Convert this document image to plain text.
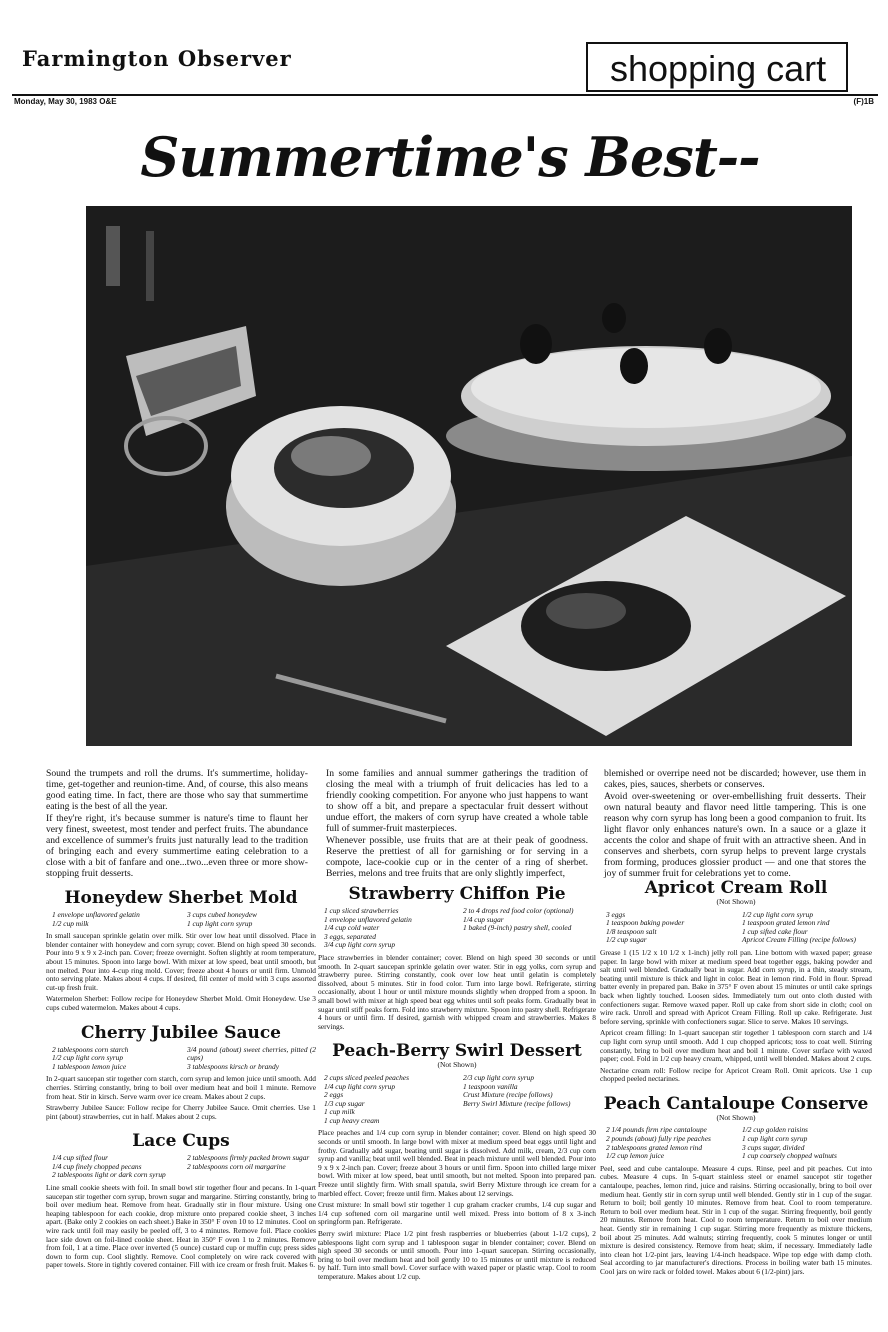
Farmington Observer	shopping cart
Monday, May 30, 1983 O&E	(F)1B
Summertime's Best--

Sound the trumpets and roll the drums. It's summertime, holiday-time, get-together and reunion-time. And, of course, this also means good eating time. In fact, there are those who say that summertime eating is the best of all the year.

If they're right, it's because summer is nature's time to flaunt her very finest, sweetest, most tender and perfect fruits. The abundance and excellence of summer's fruits just naturally lead to the tradition of bringing each and every summertime eating celebration to a close with a bit of fanfare and one...two...even three or more show-stopping fruit desserts.

In some families and annual summer gatherings the tradition of closing the meal with a triumph of fruit delicacies has led to a friendly cooking competition. For anyone who just happens to want to show off a bit, and prepare a spectacular fruit dessert without undue effort, the makers of corn syrup have created a whole table full of summer-fruit masterpieces.

Whenever possible, use fruits that are at their peak of goodness. Reserve the prettiest of all for garnishing or for serving in a compote, lace-cookie cup or in the center of a ring of sherbet. Berries, melons and tree fruits that are only slightly imperfect,

blemished or overripe need not be discarded; however, use them in cakes, pies, sauces, sherbets or conserves.

Avoid over-sweetening or over-embellishing fruit desserts. Their own natural beauty and flavor need little tampering. This is one reason why corn syrup has long been a good companion to fruit. Its light flavor only enhances nature's own. In a sauce or a glaze it accents the color and shape of fruit with an attractive sheen. And in conserves and sherbets, corn syrup helps to prevent large crystals from forming, produces glossier product — and one that stores the joy of summer fruit for celebrations yet to come.

Honeydew Sherbet Mold
1 envelope unflavored gelatin
1/2 cup milk
3 cups cubed honeydew
1 cup light corn syrup

In small saucepan sprinkle gelatin over milk. Stir over low heat until dissolved. Place in blender container with honeydew and corn syrup; cover. Blend on high speed 30 seconds. Pour into 9 x 9 x 2-inch pan. Cover; freeze overnight. Soften slightly at room temperature, about 15 minutes. Spoon into large bowl. With mixer at low speed, beat until smooth, but not melted. Pour into 4-cup ring mold. Cover; freeze about 4 hours or until firm. Unmold onto serving plate. Makes about 4 cups. If desired, fill center of mold with 3 cups assorted cut-up fresh fruit.

Watermelon Sherbet: Follow recipe for Honeydew Sherbet Mold. Omit Honeydew. Use 3 cups cubed watermelon. Makes about 4 cups.

Cherry Jubilee Sauce
2 tablespoons corn starch
1/2 cup light corn syrup
1 tablespoon lemon juice
3/4 pound (about) sweet cherries, pitted (2 cups)
3 tablespoons kirsch or brandy

In 2-quart saucepan stir together corn starch, corn syrup and lemon juice until smooth. Add cherries. Stirring constantly, bring to boil over medium heat and boil 1 minute. Remove from heat. Stir in kirsch. Serve warm over ice cream. Makes about 2 cups.

Strawberry Jubilee Sauce: Follow recipe for Cherry Jubilee Sauce. Omit cherries. Use 1 pint (about) strawberries, cut in half. Makes about 2 cups.

Lace Cups
1/4 cup sifted flour
1/4 cup finely chopped pecans
2 tablespoons light or dark corn syrup
2 tablespoons firmly packed brown sugar
2 tablespoons corn oil margarine

Line small cookie sheets with foil. In small bowl stir together flour and pecans. In 1-quart saucepan stir together corn syrup, brown sugar and margarine. Stirring constantly, bring to boil over medium heat. Remove from heat. Gradually stir in flour mixture. Using one heaping tablespoon for each cookie, drop mixture onto prepared cookie sheet, 3 inches apart. (Bake only 2 cookies on each sheet.) Bake in 350° F oven 10 to 12 minutes. Cool on wire rack until foil may easily be peeled off, 3 to 4 minutes. Remove foil. Place cookies lace side down on foil-lined cookie sheet. Heat in 350° F oven 1 to 2 minutes. Remove from foil, 1 at a time. Place over inverted (5 ounce) custard cup or muffin cup; press sides down to form cup. Cool slightly. Remove. Cool completely on wire rack covered with paper towels. Store in tightly covered container. Fill with ice cream or fresh fruit. Makes 6.

Strawberry Chiffon Pie
1 cup sliced strawberries
1 envelope unflavored gelatin
1/4 cup cold water
3 eggs, separated
3/4 cup light corn syrup
2 to 4 drops red food color (optional)
1/4 cup sugar
1 baked (9-inch) pastry shell, cooled

Place strawberries in blender container; cover. Blend on high speed 30 seconds or until smooth. In 2-quart saucepan sprinkle gelatin over water. Stir in egg yolks, corn syrup and strawberry puree. Stirring constantly, cook over low heat until gelatin is completely dissolved, about 5 minutes. Stir in food color. Turn into large bowl. Refrigerate, stirring occasionally, about 1 hour or until mixture mounds slightly when dropped from a spoon. In small bowl with mixer at high speed beat egg whites until soft peaks form. Gradually beat in sugar until stiff peaks form. Fold into strawberry mixture. Spoon into pastry shell. Refrigerate 4 hours or until firm. If desired, garnish with whipped cream and strawberries. Makes 8 servings.

Peach-Berry Swirl Dessert
(Not Shown)
2 cups sliced peeled peaches
1/4 cup light corn syrup
2 eggs
1/3 cup sugar
1 cup milk
1 cup heavy cream
2/3 cup light corn syrup
1 teaspoon vanilla
Crust Mixture (recipe follows)
Berry Swirl Mixture (recipe follows)

Place peaches and 1/4 cup corn syrup in blender container; cover. Blend on high speed 30 seconds or until smooth. In large bowl with mixer at medium speed beat eggs until light and frothy. Gradually add sugar, beating until sugar is dissolved. Add milk, cream, 2/3 cup corn syrup and vanilla; beat until well blended. Beat in peach mixture until well blended. Pour into 9 x 9 x 2-inch pan. Cover; freeze about 3 hours or until firm. Spoon into chilled large mixer bowl. With mixer at low speed, beat until smooth, but not melted. Spoon into prepared pan. Freeze until slightly firm. With small spatula, swirl Berry Mixture through ice cream for a marbled effect. Cover; freeze until firm. Makes about 12 servings.

Crust mixture: In small bowl stir together 1 cup graham cracker crumbs, 1/4 cup sugar and 1/4 cup softened corn oil margarine until well mixed. Press into bottom of 8 x 3-inch springform pan. Refrigerate.

Berry swirl mixture: Place 1/2 pint fresh raspberries or blueberries (about 1-1/2 cups), 2 tablespoons light corn syrup and 1 tablespoon sugar in blender container; cover. Blend on high speed 30 seconds or until smooth. Pour into 1-quart saucepan. Stirring occasionally, bring to boil over medium heat and boil gently 10 to 15 minutes or until mixture is reduced by half. Turn into small bowl. Cover surface with waxed paper or plastic wrap. Cool to room temperature. Makes about 1/2 cup.

Apricot Cream Roll
(Not Shown)
3 eggs
1 teaspoon baking powder
1/8 teaspoon salt
1/2 cup sugar
1/2 cup light corn syrup
1 teaspoon grated lemon rind
1 cup sifted cake flour
Apricot Cream Filling (recipe follows)

Grease 1 (15 1/2 x 10 1/2 x 1-inch) jelly roll pan. Line bottom with waxed paper; grease paper. In large bowl with mixer at medium speed beat together eggs, baking powder and salt until well blended. Gradually beat in sugar. Add corn syrup, in a thin, steady stream, beating until mixture is thick and light in color. Beat in lemon rind. Fold in flour. Spread batter evenly in prepared pan. Bake in 375° F oven about 15 minutes or until cake springs back when lightly touched. Loosen sides. Immediately turn out onto cloth dusted with confectioners sugar. Remove waxed paper. Roll up cake from short side in cloth; cool on wire rack. Unroll and spread with Apricot Cream Filling. Roll up cake. Refrigerate. Just before serving, sprinkle with confectioners sugar. Slice to serve. Makes 10 servings.

Apricot cream filling: In 1-quart saucepan stir together 1 tablespoon corn starch and 1/4 cup light corn syrup until smooth. Add 1 cup chopped apricots; toss to coat well. Stirring constantly, bring to boil over medium heat and boil 1 minute. Cover surface with waxed paper; cool. Fold in 1/2 cup heavy cream, whipped, until well blended. Makes about 2 cups.

Nectarine cream roll: Follow recipe for Apricot Cream Roll. Omit apricots. Use 1 cup chopped peeled nectarines.

Peach Cantaloupe Conserve
(Not Shown)
2 1/4 pounds firm ripe cantaloupe
2 pounds (about) fully ripe peaches
2 tablespoons grated lemon rind
1/2 cup lemon juice
1/2 cup golden raisins
1 cup light corn syrup
3 cups sugar, divided
1 cup coarsely chopped walnuts

Peel, seed and cube cantaloupe. Measure 4 cups. Rinse, peel and pit peaches. Cut into cubes. Measure 4 cups. In 5-quart stainless steel or enamel saucepot stir together cantaloupe, peaches, lemon rind, juice and raisins. Stirring occasionally, bring to boil over medium heat. Gently stir in corn syrup until well blended. Gently stir in 1 cup of the sugar. Return to boil; boil gently 10 minutes. Remove from heat. Cool to room temperature. Return to boil over medium heat. Stir in 1 cup of the sugar. Stirring frequently, boil gently 20 minutes. Remove from heat. Cool to room temperature. Return to boil over medium heat. Gently stir in remaining 1 cup sugar. Stirring more frequently as mixture thickens, boil about 25 minutes. Add walnuts; stirring frequently, cook 5 minutes longer or until mixture is desired consistency. Remove from heat; skim, if necessary. Immediately ladle into clean hot 1/2-pint jars, leaving 1/4-inch headspace. Wipe top edge with damp cloth. Seal according to jar manufacturer's directions. Process in boiling water bath 15 minutes. Cool jars on wire rack or folded towel. Makes about 6 (1/2-pint) jars.
